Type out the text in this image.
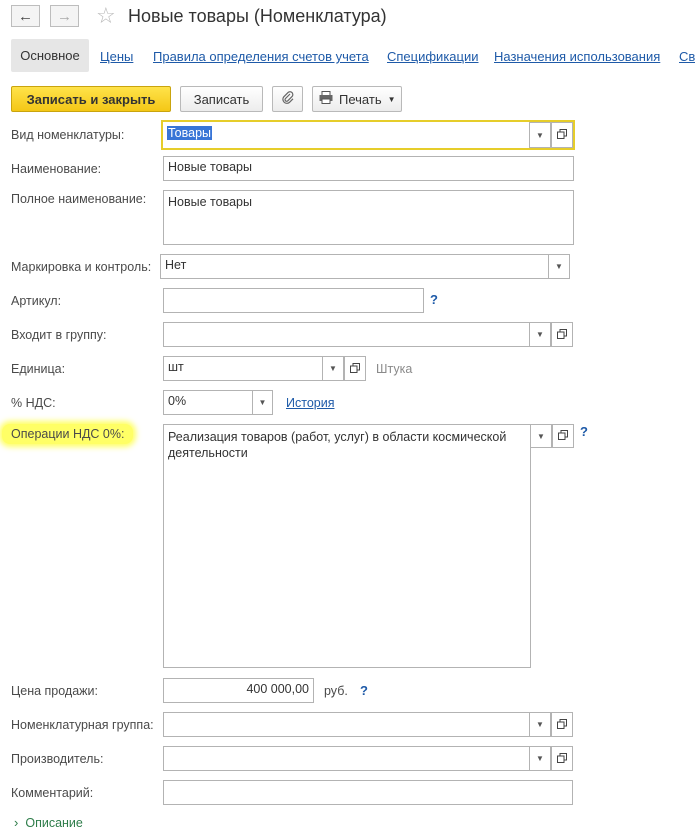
← → ☆ Новые товары (Номенклатура)
Основное	Цены Правила определения счетов учета Спецификации Назначения использования Св
Записать и закрыть	Записать	Печать ▼
Вид номенклатуры:	Товары	▼
Наименование:	Новые товары
Полное наименование:	Новые товары
Маркировка и контроль:	Нет	▼
Артикул:	?
Входит в группу:	▼
Единица:	шт	▼	Штука
% НДС:	0%	▼ История
Операции НДС 0%:	Реализация товаров (работ, услуг) в области космической деятельности
▼	?
Цена продажи:	400 000,00	руб. ?
Номенклатурная группа:	▼
Производитель:	▼
Комментарий:
› Описание
